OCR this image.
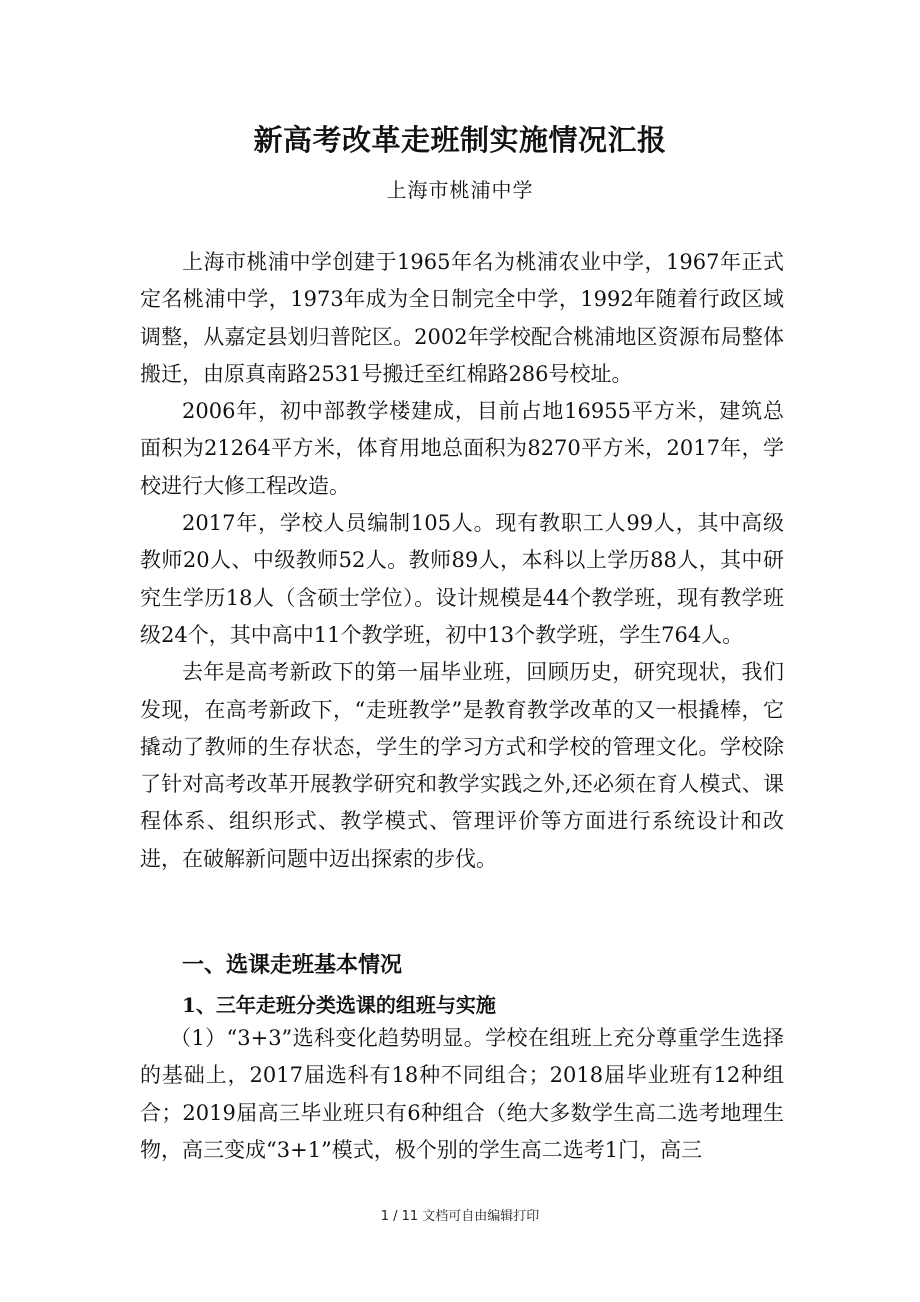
新高考改革走班制实施情况汇报

上海市桃浦中学

上海市桃浦中学创建于1965年名为桃浦农业中学，1967年正式定名桃浦中学，1973年成为全日制完全中学，1992年随着行政区域调整，从嘉定县划归普陀区。2002年学校配合桃浦地区资源布局整体搬迁，由原真南路2531号搬迁至红棉路286号校址。

2006年，初中部教学楼建成，目前占地16955平方米，建筑总面积为21264平方米，体育用地总面积为8270平方米，2017年，学校进行大修工程改造。

2017年，学校人员编制105人。现有教职工人99人，其中高级教师20人、中级教师52人。教师89人，本科以上学历88人，其中研究生学历18人（含硕士学位）。设计规模是44个教学班，现有教学班级24个，其中高中11个教学班，初中13个教学班，学生764人。

去年是高考新政下的第一届毕业班，回顾历史，研究现状，我们发现，在高考新政下，“走班教学”是教育教学改革的又一根撬棒，它撬动了教师的生存状态，学生的学习方式和学校的管理文化。学校除了针对高考改革开展教学研究和教学实践之外,还必须在育人模式、课程体系、组织形式、教学模式、管理评价等方面进行系统设计和改进，在破解新问题中迈出探索的步伐。

一、选课走班基本情况
1、三年走班分类选课的组班与实施

（1）“3+3”选科变化趋势明显。学校在组班上充分尊重学生选择的基础上，2017届选科有18种不同组合；2018届毕业班有12种组合；2019届高三毕业班只有6种组合（绝大多数学生高二选考地理生物，高三变成“3+1”模式，极个别的学生高二选考1门，高三

1 / 11 文档可自由编辑打印
